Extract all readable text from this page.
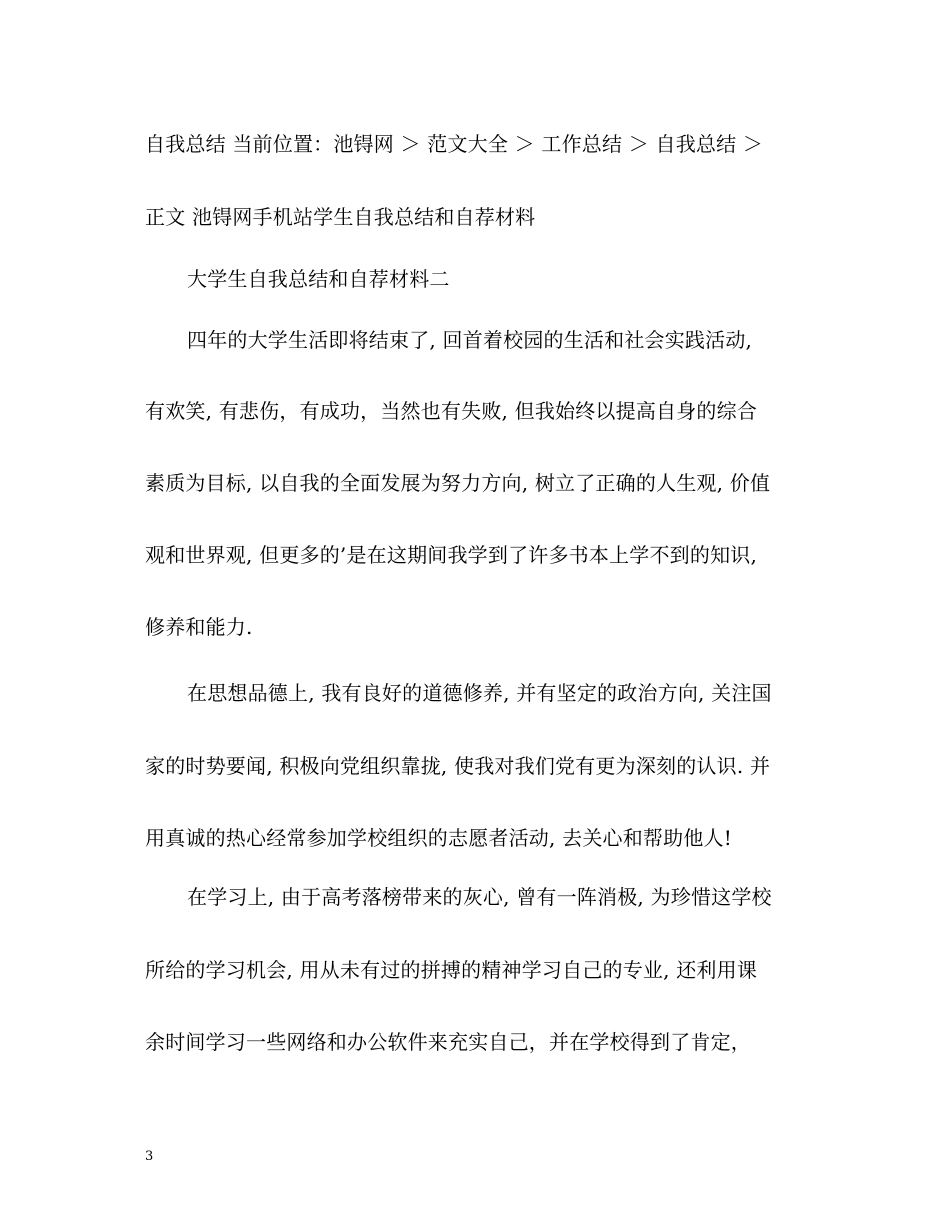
自我总结 当前位置：池锝网 ＞ 范文大全 ＞ 工作总结 ＞ 自我总结 ＞
正文 池锝网手机站学生自我总结和自荐材料
大学生自我总结和自荐材料二
四年的大学生活即将结束了, 回首着校园的生活和社会实践活动,
有欢笑, 有悲伤，有成功，当然也有失败, 但我始终以提高自身的综合
素质为目标, 以自我的全面发展为努力方向, 树立了正确的人生观, 价值
观和世界观, 但更多的’是在这期间我学到了许多书本上学不到的知识,
修养和能力.
在思想品德上, 我有良好的道德修养, 并有坚定的政治方向, 关注国
家的时势要闻, 积极向党组织靠拢, 使我对我们党有更为深刻的认识. 并
用真诚的热心经常参加学校组织的志愿者活动, 去关心和帮助他人!
在学习上, 由于高考落榜带来的灰心, 曾有一阵消极, 为珍惜这学校
所给的学习机会, 用从未有过的拼搏的精神学习自己的专业, 还利用课
余时间学习一些网络和办公软件来充实自己，并在学校得到了肯定，
3
